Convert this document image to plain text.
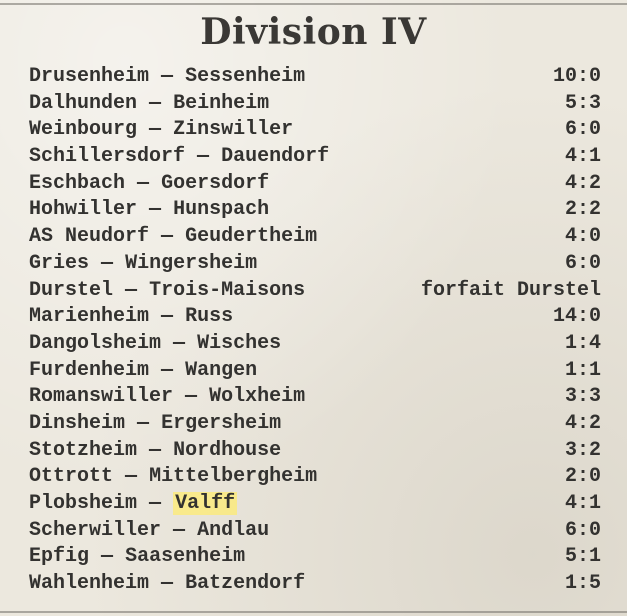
Division IV
Drusenheim — Sessenheim	10:0
Dalhunden — Beinheim	5:3
Weinbourg — Zinswiller	6:0
Schillersdorf — Dauendorf	4:1
Eschbach — Goersdorf	4:2
Hohwiller — Hunspach	2:2
AS Neudorf — Geudertheim	4:0
Gries — Wingersheim	6:0
Durstel — Trois-Maisons	forfait Durstel
Marienheim — Russ	14:0
Dangolsheim — Wisches	1:4
Furdenheim — Wangen	1:1
Romanswiller — Wolxheim	3:3
Dinsheim — Ergersheim	4:2
Stotzheim — Nordhouse	3:2
Ottrott — Mittelbergheim	2:0
Plobsheim — Valff	4:1
Scherwiller — Andlau	6:0
Epfig — Saasenheim	5:1
Wahlenheim — Batzendorf	1:5
